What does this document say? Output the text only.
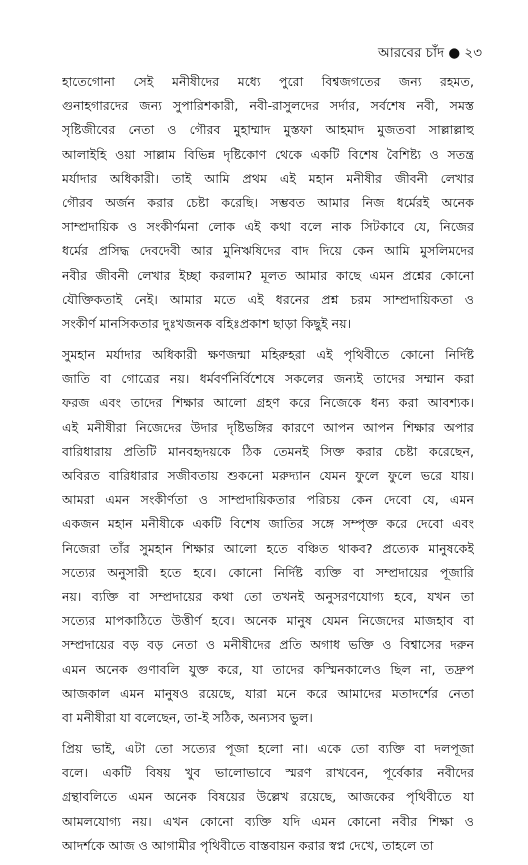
আরবের চাঁদ ● ২৩
হাতেগোনা সেই মনীষীদের মধ্যে পুরো বিশ্বজগতের জন্য রহমত,
গুনাহগারদের জন্য সুপারিশকারী, নবী-রাসুলদের সর্দার, সর্বশেষ নবী, সমস্ত
সৃষ্টিজীবের নেতা ও গৌরব মুহাম্মাদ মুস্তফা আহমাদ মুজতবা সাল্লাল্লাহু
আলাইহি ওয়া সাল্লাম বিভিন্ন দৃষ্টিকোণ থেকে একটি বিশেষ বৈশিষ্ট্য ও সতন্ত্র
মর্যাদার অধিকারী। তাই আমি প্রথম এই মহান মনীষীর জীবনী লেখার
গৌরব অর্জন করার চেষ্টা করেছি। সম্ভবত আমার নিজ ধর্মেরই অনেক
সাম্প্রদায়িক ও সংকীর্ণমনা লোক এই কথা বলে নাক সিটকাবে যে, নিজের
ধর্মের প্রসিদ্ধ দেবদেবী আর মুনিঋষিদের বাদ দিয়ে কেন আমি মুসলিমদের
নবীর জীবনী লেখার ইচ্ছা করলাম? মূলত আমার কাছে এমন প্রশ্নের কোনো
যৌক্তিকতাই নেই। আমার মতে এই ধরনের প্রশ্ন চরম সাম্প্রদায়িকতা ও
সংকীর্ণ মানসিকতার দুঃখজনক বহিঃপ্রকাশ ছাড়া কিছুই নয়।
সুমহান মর্যাদার অধিকারী ক্ষণজন্মা মহিরুহরা এই পৃথিবীতে কোনো নির্দিষ্ট
জাতি বা গোত্রের নয়। ধর্মবর্ণনির্বিশেষে সকলের জন্যই তাদের সম্মান করা
ফরজ এবং তাদের শিক্ষার আলো গ্রহণ করে নিজেকে ধন্য করা আবশ্যক।
এই মনীষীরা নিজেদের উদার দৃষ্টিভঙ্গির কারণে আপন আপন শিক্ষার অপার
বারিধারায় প্রতিটি মানবহৃদয়কে ঠিক তেমনই সিক্ত করার চেষ্টা করেছেন,
অবিরত বারিধারার সজীবতায় শুকনো মরুদ্যান যেমন ফুলে ফুলে ভরে যায়।
আমরা এমন সংকীর্ণতা ও সাম্প্রদায়িকতার পরিচয় কেন দেবো যে, এমন
একজন মহান মনীষীকে একটি বিশেষ জাতির সঙ্গে সম্পৃক্ত করে দেবো এবং
নিজেরা তাঁর সুমহান শিক্ষার আলো হতে বঞ্চিত থাকব? প্রত্যেক মানুষকেই
সত্যের অনুসারী হতে হবে। কোনো নির্দিষ্ট ব্যক্তি বা সম্প্রদায়ের পূজারি
নয়। ব্যক্তি বা সম্প্রদায়ের কথা তো তখনই অনুসরণযোগ্য হবে, যখন তা
সত্যের মাপকাঠিতে উত্তীর্ণ হবে। অনেক মানুষ যেমন নিজেদের মাজহাব বা
সম্প্রদায়ের বড় বড় নেতা ও মনীষীদের প্রতি অগাধ ভক্তি ও বিশ্বাসের দরুন
এমন অনেক গুণাবলি যুক্ত করে, যা তাদের কস্মিনকালেও ছিল না, তদ্রুপ
আজকাল এমন মানুষও রয়েছে, যারা মনে করে আমাদের মতাদর্শের নেতা
বা মনীষীরা যা বলেছেন, তা-ই সঠিক, অন্যসব ভুল।
প্রিয় ভাই, এটা তো সত্যের পূজা হলো না। একে তো ব্যক্তি বা দলপূজা
বলে। একটি বিষয় খুব ভালোভাবে স্মরণ রাখবেন, পূর্বেকার নবীদের
গ্রন্থাবলিতে এমন অনেক বিষয়ের উল্লেখ রয়েছে, আজকের পৃথিবীতে যা
আমলযোগ্য নয়। এখন কোনো ব্যক্তি যদি এমন কোনো নবীর শিক্ষা ও
আদর্শকে আজ ও আগামীর পৃথিবীতে বাস্তবায়ন করার স্বপ্ন দেখে, তাহলে তা
